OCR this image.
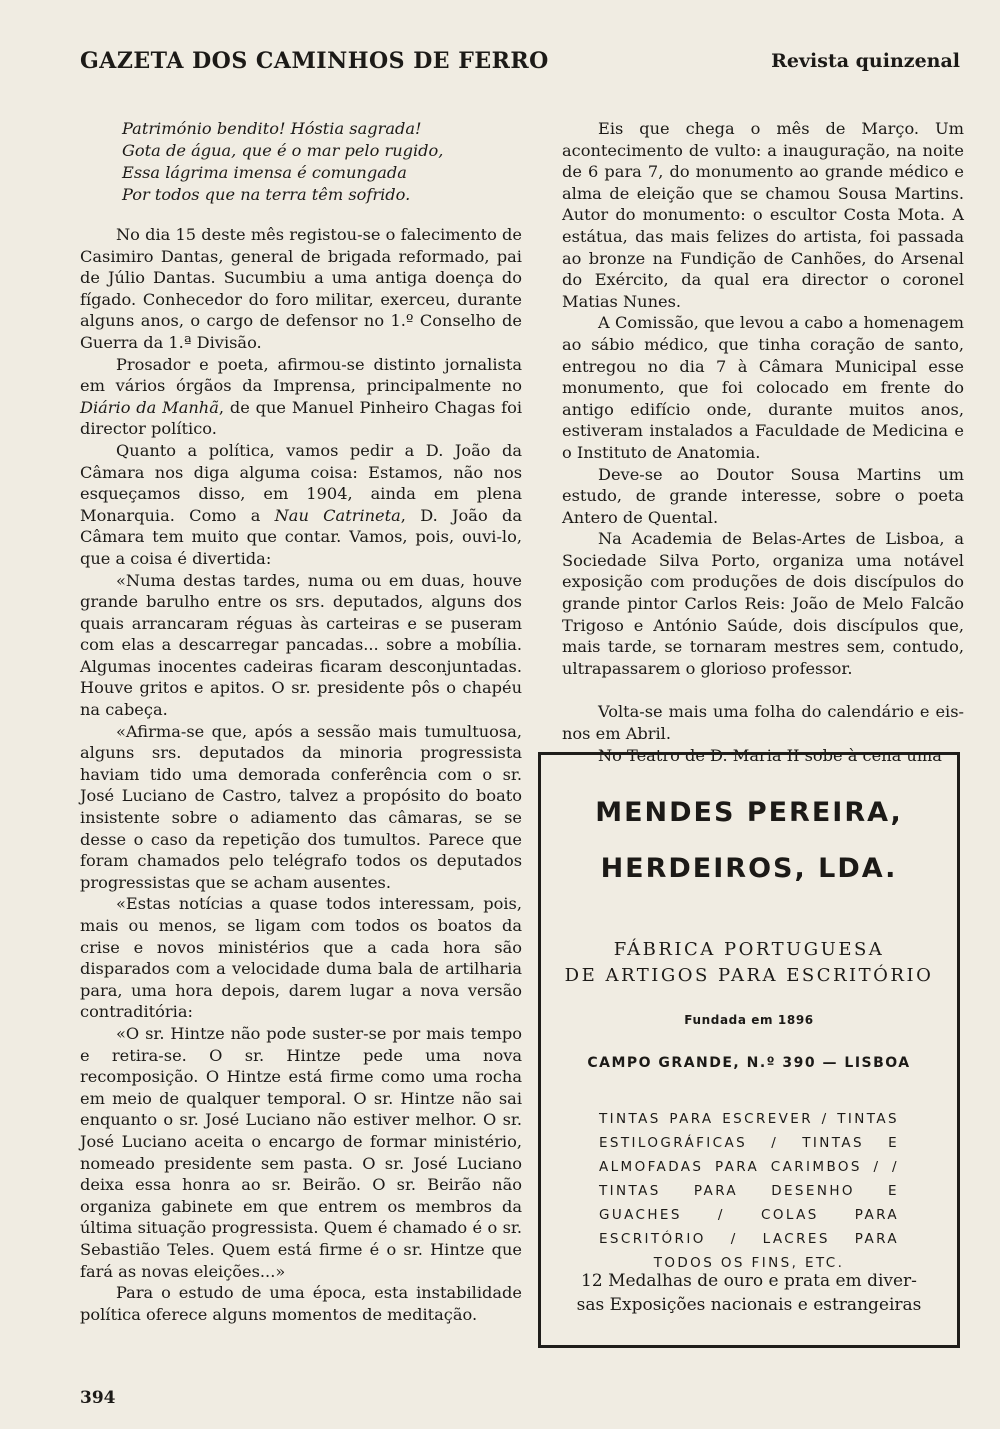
GAZETA DOS CAMINHOS DE FERRO	Revista quinzenal
Património bendito! Hóstia sagrada!
Gota de água, que é o mar pelo rugido,
Essa lágrima imensa é comungada
Por todos que na terra têm sofrido.

No dia 15 deste mês registou-se o falecimento de Casimiro Dantas, general de brigada reformado, pai de Júlio Dantas. Sucumbiu a uma antiga doença do fígado. Conhecedor do foro militar, exerceu, durante alguns anos, o cargo de defensor no 1.º Conselho de Guerra da 1.ª Divisão.

Prosador e poeta, afirmou-se distinto jornalista em vários órgãos da Imprensa, principalmente no Diário da Manhã, de que Manuel Pinheiro Chagas foi director político.

Quanto a política, vamos pedir a D. João da Câmara nos diga alguma coisa: Estamos, não nos esqueçamos disso, em 1904, ainda em plena Monarquia. Como a Nau Catrineta, D. João da Câmara tem muito que contar. Vamos, pois, ouvi-lo, que a coisa é divertida:

«Numa destas tardes, numa ou em duas, houve grande barulho entre os srs. deputados, alguns dos quais arrancaram réguas às carteiras e se puseram com elas a descarregar pancadas... sobre a mobília. Algumas inocentes cadeiras ficaram desconjuntadas. Houve gritos e apitos. O sr. presidente pôs o chapéu na cabeça.

«Afirma-se que, após a sessão mais tumultuosa, alguns srs. deputados da minoria progressista haviam tido uma demorada conferência com o sr. José Luciano de Castro, talvez a propósito do boato insistente sobre o adiamento das câmaras, se se desse o caso da repetição dos tumultos. Parece que foram chamados pelo telégrafo todos os deputados progressistas que se acham ausentes.

«Estas notícias a quase todos interessam, pois, mais ou menos, se ligam com todos os boatos da crise e novos ministérios que a cada hora são disparados com a velocidade duma bala de artilharia para, uma hora depois, darem lugar a nova versão contraditória:

«O sr. Hintze não pode suster-se por mais tempo e retira-se. O sr. Hintze pede uma nova recomposição. O Hintze está firme como uma rocha em meio de qualquer temporal. O sr. Hintze não sai enquanto o sr. José Luciano não estiver melhor. O sr. José Luciano aceita o encargo de formar ministério, nomeado presidente sem pasta. O sr. José Luciano deixa essa honra ao sr. Beirão. O sr. Beirão não organiza gabinete em que entrem os membros da última situação progressista. Quem é chamado é o sr. Sebastião Teles. Quem está firme é o sr. Hintze que fará as novas eleições...»

Para o estudo de uma época, esta instabilidade política oferece alguns momentos de meditação.

Eis que chega o mês de Março. Um acontecimento de vulto: a inauguração, na noite de 6 para 7, do monumento ao grande médico e alma de eleição que se chamou Sousa Martins. Autor do monumento: o escultor Costa Mota. A estátua, das mais felizes do artista, foi passada ao bronze na Fundição de Canhões, do Arsenal do Exército, da qual era director o coronel Matias Nunes.

A Comissão, que levou a cabo a homenagem ao sábio médico, que tinha coração de santo, entregou no dia 7 à Câmara Municipal esse monumento, que foi colocado em frente do antigo edifício onde, durante muitos anos, estiveram instalados a Faculdade de Medicina e o Instituto de Anatomia.

Deve-se ao Doutor Sousa Martins um estudo, de grande interesse, sobre o poeta Antero de Quental.

Na Academia de Belas-Artes de Lisboa, a Sociedade Silva Porto, organiza uma notável exposição com produções de dois discípulos do grande pintor Carlos Reis: João de Melo Falcão Trigoso e António Saúde, dois discípulos que, mais tarde, se tornaram mestres sem, contudo, ultrapassarem o glorioso professor.

Volta-se mais uma folha do calendário e eis-nos em Abril.

No Teatro de D. Maria II sobe à cena uma

MENDES PEREIRA,
HERDEIROS, LDA.
FÁBRICA PORTUGUESA
DE ARTIGOS PARA ESCRITÓRIO
Fundada em 1896
CAMPO GRANDE, N.º 390 — LISBOA
TINTAS PARA ESCREVER / TINTAS ESTILOGRÁFICAS / TINTAS E ALMOFADAS PARA CARIMBOS / / TINTAS PARA DESENHO E GUACHES / COLAS PARA ESCRITÓRIO / LACRES PARA TODOS OS FINS, ETC.
12 Medalhas de ouro e prata em diver-
sas Exposições nacionais e estrangeiras
394
